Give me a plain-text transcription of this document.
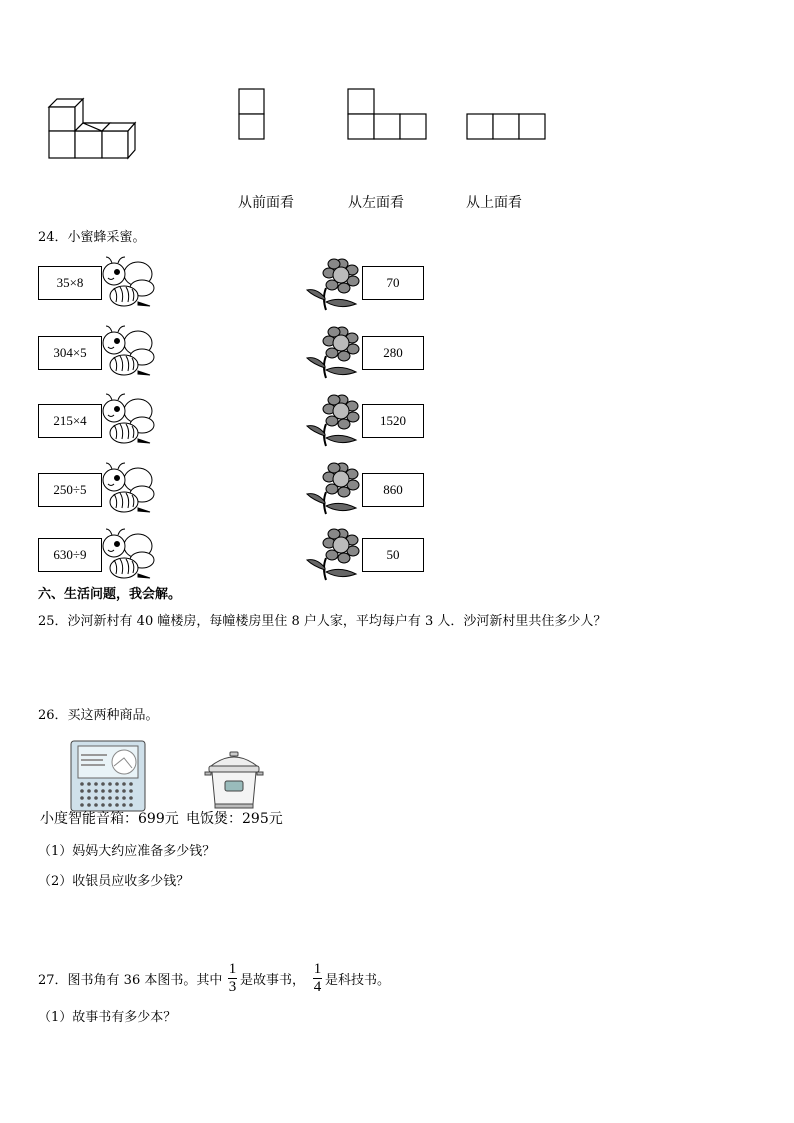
从前面看	从左面看	从上面看
24．小蜜蜂采蜜。
35×8
304×5
215×4
250÷5
630÷9
70
280
1520
860
50
六、生活问题，我会解。
25．沙河新村有 40 幢楼房，每幢楼房里住 8 户人家，平均每户有 3 人．沙河新村里共住多少人？
26．买这两种商品。
小度智能音箱：699元 电饭煲：295元
（1）妈妈大约应准备多少钱？
（2）收银员应收多少钱？
27．图书角有 36 本图书。其中
1
3 是故事书，
1
4 是科技书。
（1）故事书有多少本？
